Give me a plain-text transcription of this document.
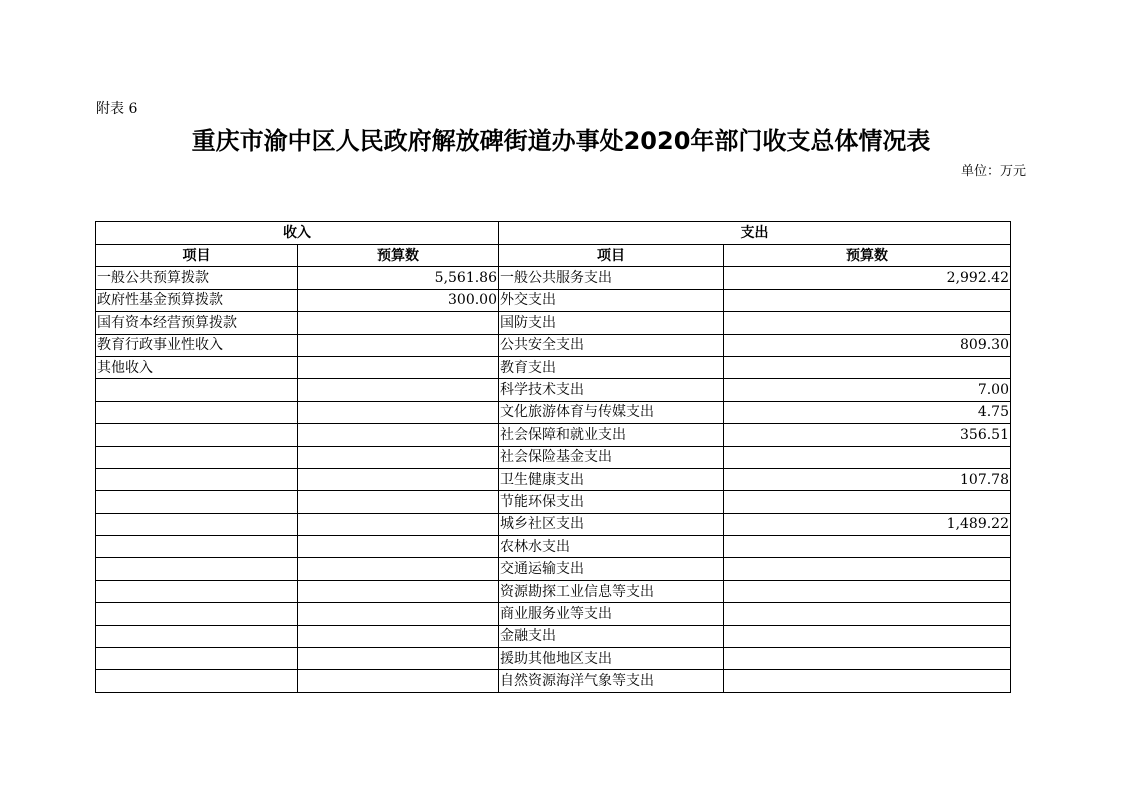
附表 6
重庆市渝中区人民政府解放碑街道办事处2020年部门收支总体情况表
单位：万元
收入		支出	
项目	预算数	项目	预算数
一般公共预算拨款	5,561.86	一般公共服务支出	2,992.42
政府性基金预算拨款	300.00	外交支出	
国有资本经营预算拨款		国防支出	
教育行政事业性收入		公共安全支出	809.30
其他收入		教育支出	
		科学技术支出	7.00
		文化旅游体育与传媒支出	4.75
		社会保障和就业支出	356.51
		社会保险基金支出	
		卫生健康支出	107.78
		节能环保支出	
		城乡社区支出	1,489.22
		农林水支出	
		交通运输支出	
		资源勘探工业信息等支出	
		商业服务业等支出	
		金融支出	
		援助其他地区支出	
		自然资源海洋气象等支出	
